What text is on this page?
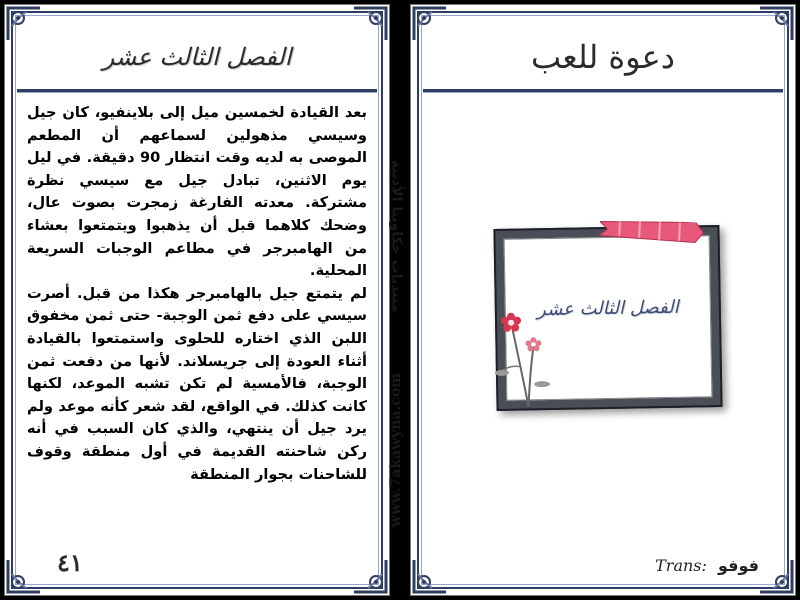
الفصل الثالث عشر

بعد القيادة لخمسين ميل إلى بلاينفيو، كان جيل وسيسي مذهولين لسماعهم أن المطعم الموصى به لديه وقت انتظار 90 دقيقة. في ليل يوم الاثنين، تبادل جيل مع سيسي نظرة مشتركة. معدته الفارغة زمجرت بصوت عال، وضحك كلاهما قبل أن يذهبوا ويتمتعوا بعشاء من الهامبرجر في مطاعم الوجبات السريعة المحلية.

لم يتمتع جيل بالهامبرجر هكذا من قبل. أصرت سيسي على دفع ثمن الوجبة- حتى ثمن مخفوق اللبن الذي اختاره للحلوى واستمتعوا بالقيادة أثناء العودة إلى جريسلاند. لأنها من دفعت ثمن الوجبة، فالأمسية لم تكن تشبه الموعد، لكنها كانت كذلك. في الواقع، لقد شعر كأنه موعد ولم يرد جيل أن ينتهي، والذي كان السبب في أنه ركن شاحنته القديمة في أول منطقة وقوف للشاحنات بجوار المنطقة

٤١
منتديات حكاوينا الأدبية
www.7akawyna.com
دعوة للعب
الفصل الثالث عشر
Trans: فوفو
